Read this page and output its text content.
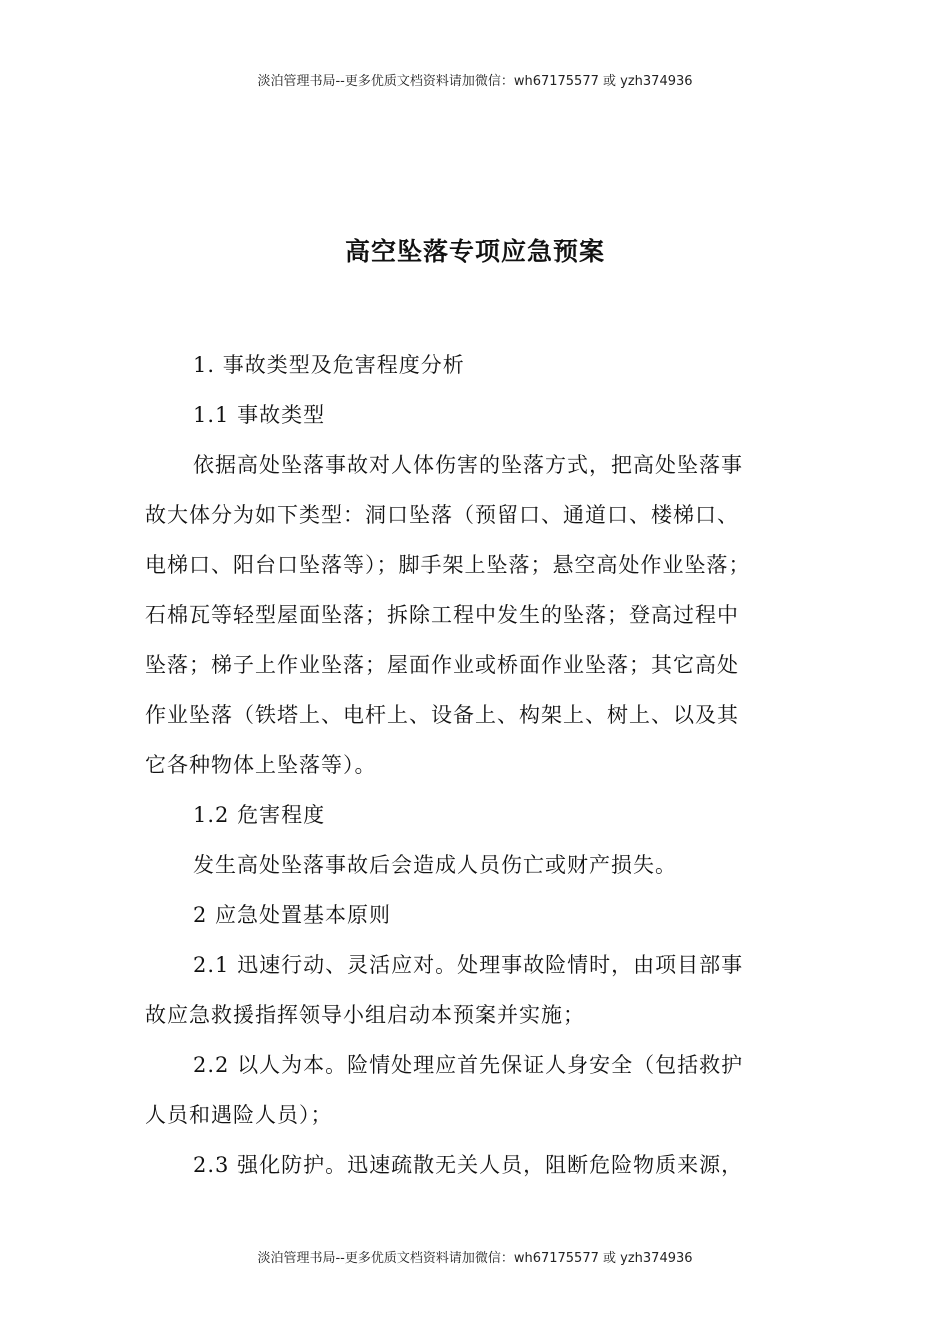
淡泊管理书局--更多优质文档资料请加微信：wh67175577 或 yzh374936
高空坠落专项应急预案

1. 事故类型及危害程度分析

1.1 事故类型

依据高处坠落事故对人体伤害的坠落方式，把高处坠落事
故大体分为如下类型：洞口坠落（预留口、通道口、楼梯口、
电梯口、阳台口坠落等）；脚手架上坠落；悬空高处作业坠落；
石棉瓦等轻型屋面坠落；拆除工程中发生的坠落；登高过程中
坠落；梯子上作业坠落；屋面作业或桥面作业坠落；其它高处
作业坠落（铁塔上、电杆上、设备上、构架上、树上、以及其
它各种物体上坠落等）。

1.2 危害程度

发生高处坠落事故后会造成人员伤亡或财产损失。

2 应急处置基本原则

2.1 迅速行动、灵活应对。处理事故险情时，由项目部事
故应急救援指挥领导小组启动本预案并实施；

2.2 以人为本。险情处理应首先保证人身安全（包括救护
人员和遇险人员）；

2.3 强化防护。迅速疏散无关人员，阻断危险物质来源，

淡泊管理书局--更多优质文档资料请加微信：wh67175577 或 yzh374936
